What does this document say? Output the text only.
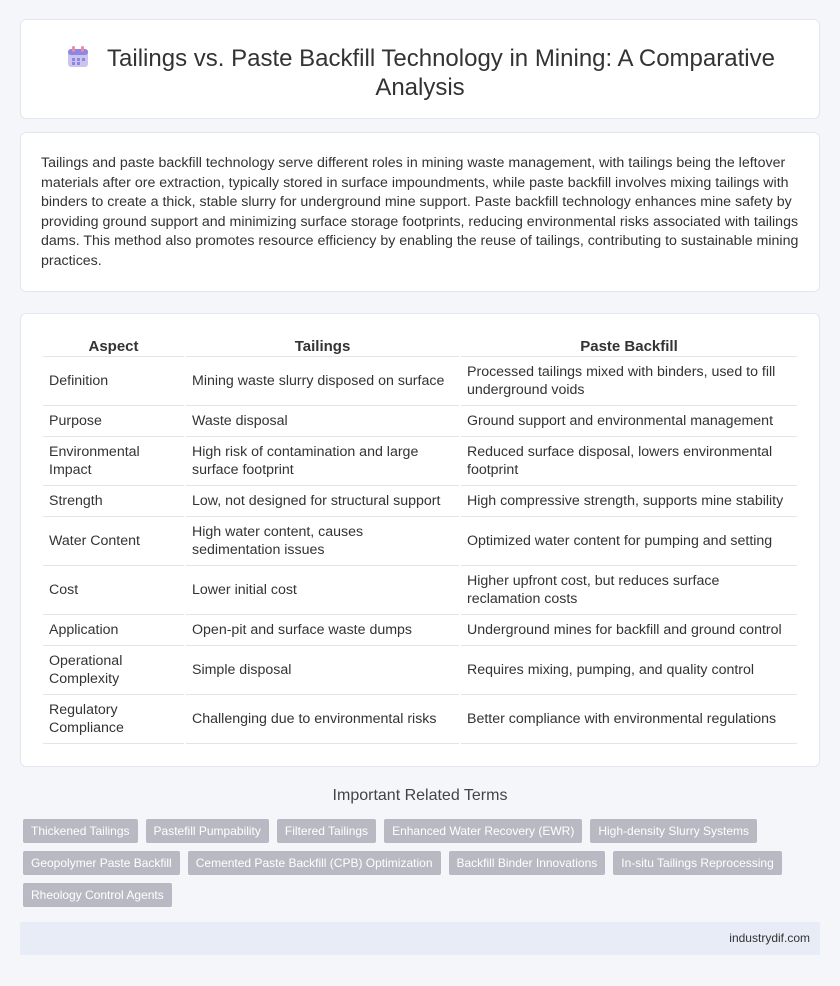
Tailings vs. Paste Backfill Technology in Mining: A Comparative Analysis

Tailings and paste backfill technology serve different roles in mining waste management, with tailings being the leftover materials after ore extraction, typically stored in surface impoundments, while paste backfill involves mixing tailings with binders to create a thick, stable slurry for underground mine support. Paste backfill technology enhances mine safety by providing ground support and minimizing surface storage footprints, reducing environmental risks associated with tailings dams. This method also promotes resource efficiency by enabling the reuse of tailings, contributing to sustainable mining practices.

Aspect	Tailings	Paste Backfill
Definition	Mining waste slurry disposed on surface	Processed tailings mixed with binders, used to fill underground voids
Purpose	Waste disposal	Ground support and environmental management
Environmental Impact	High risk of contamination and large surface footprint	Reduced surface disposal, lowers environmental footprint
Strength	Low, not designed for structural support	High compressive strength, supports mine stability
Water Content	High water content, causes sedimentation issues	Optimized water content for pumping and setting
Cost	Lower initial cost	Higher upfront cost, but reduces surface reclamation costs
Application	Open-pit and surface waste dumps	Underground mines for backfill and ground control
Operational Complexity	Simple disposal	Requires mixing, pumping, and quality control
Regulatory Compliance	Challenging due to environmental risks	Better compliance with environmental regulations
Important Related Terms
Thickened Tailings	Pastefill Pumpability	Filtered Tailings	Enhanced Water Recovery (EWR)	High-density Slurry Systems
Geopolymer Paste Backfill	Cemented Paste Backfill (CPB) Optimization	Backfill Binder Innovations	In-situ Tailings Reprocessing
Rheology Control Agents
industrydif.com
